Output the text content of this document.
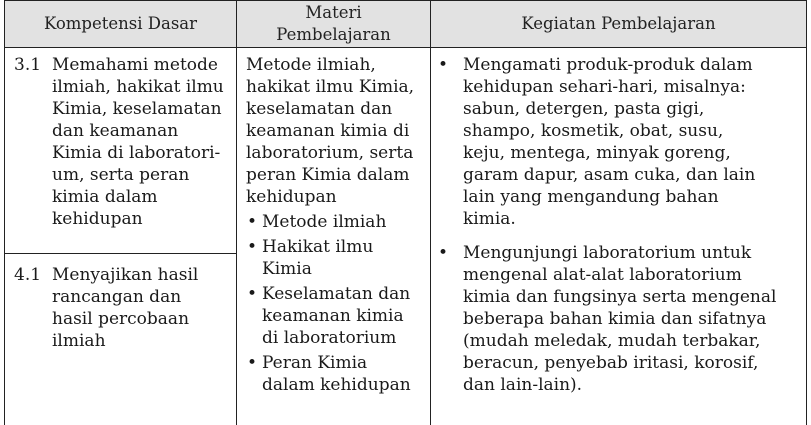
Kompetensi Dasar
Materi
Pembelajaran
Kegiatan Pembelajaran
3.1 Memahami metode
ilmiah, hakikat ilmu
Kimia, keselamatan
dan keamanan
Kimia di laboratori-
um, serta peran
kimia dalam
kehidupan
4.1 Menyajikan hasil
rancangan dan
hasil percobaan
ilmiah
Metode ilmiah,
hakikat ilmu Kimia,
keselamatan dan
keamanan kimia di
laboratorium, serta
peran Kimia dalam
kehidupan
• Metode ilmiah
• Hakikat ilmu
Kimia
• Keselamatan dan
keamanan kimia
di laboratorium
• Peran Kimia
dalam kehidupan
• Mengamati produk-produk dalam
kehidupan sehari-hari, misalnya:
sabun, detergen, pasta gigi,
shampo, kosmetik, obat, susu,
keju, mentega, minyak goreng,
garam dapur, asam cuka, dan lain
lain yang mengandung bahan
kimia.
• Mengunjungi laboratorium untuk
mengenal alat-alat laboratorium
kimia dan fungsinya serta mengenal
beberapa bahan kimia dan sifatnya
(mudah meledak, mudah terbakar,
beracun, penyebab iritasi, korosif,
dan lain-lain).
